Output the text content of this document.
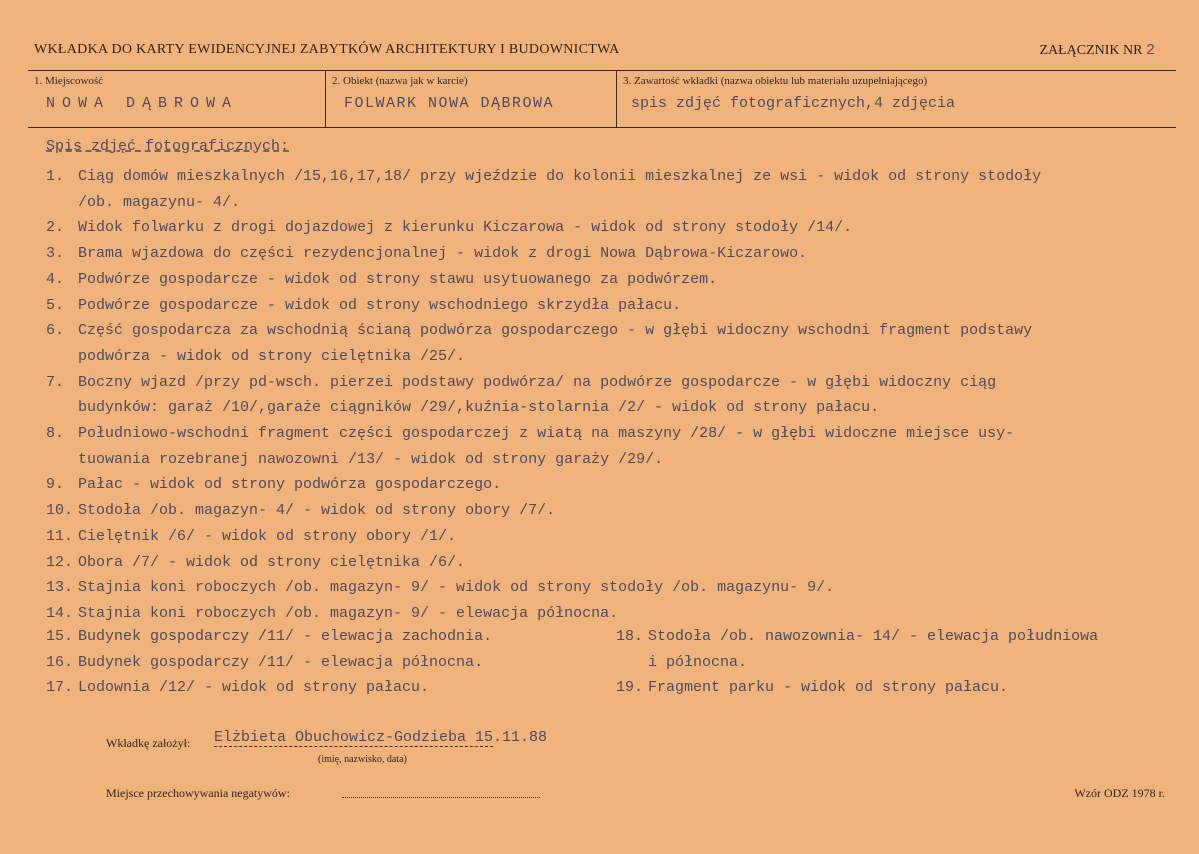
WKŁADKA DO KARTY EWIDENCYJNEJ ZABYTKÓW ARCHITEKTURY I BUDOWNICTWA	ZAŁĄCZNIK NR 2
1. Miejscowość
NOWA DĄBROWA
2. Obiekt (nazwa jak w karcie)
FOLWARK NOWA DĄBROWA
3. Zawartość wkładki (nazwa obiektu lub materiału uzupełniającego)
spis zdjęć fotograficznych,4 zdjęcia
Spis zdjęć fotograficznych:
1. Ciąg domów mieszkalnych /15,16,17,18/ przy wjeździe do kolonii mieszkalnej ze wsi - widok od strony stodoły
/ob. magazynu- 4/.
2. Widok folwarku z drogi dojazdowej z kierunku Kiczarowa - widok od strony stodoły /14/.
3. Brama wjazdowa do części rezydencjonalnej - widok z drogi Nowa Dąbrowa-Kiczarowo.
4. Podwórze gospodarcze - widok od strony stawu usytuowanego za podwórzem.
5. Podwórze gospodarcze - widok od strony wschodniego skrzydła pałacu.
6. Część gospodarcza za wschodnią ścianą podwórza gospodarczego - w głębi widoczny wschodni fragment podstawy
podwórza - widok od strony cielętnika /25/.
7. Boczny wjazd /przy pd-wsch. pierzei podstawy podwórza/ na podwórze gospodarcze - w głębi widoczny ciąg
budynków: garaż /10/,garaże ciągników /29/,kuźnia-stolarnia /2/ - widok od strony pałacu.
8. Południowo-wschodni fragment części gospodarczej z wiatą na maszyny /28/ - w głębi widoczne miejsce usy-
tuowania rozebranej nawozowni /13/ - widok od strony garaży /29/.
9. Pałac - widok od strony podwórza gospodarczego.
10. Stodoła /ob. magazyn- 4/ - widok od strony obory /7/.
11. Cielętnik /6/ - widok od strony obory /1/.
12. Obora /7/ - widok od strony cielętnika /6/.
13. Stajnia koni roboczych /ob. magazyn- 9/ - widok od strony stodoły /ob. magazynu- 9/.
14. Stajnia koni roboczych /ob. magazyn- 9/ - elewacja północna.
15. Budynek gospodarczy /11/ - elewacja zachodnia.
16. Budynek gospodarczy /11/ - elewacja północna.
17. Lodownia /12/ - widok od strony pałacu.
18. Stodoła /ob. nawozownia- 14/ - elewacja południowa
i północna.
19. Fragment parku - widok od strony pałacu.
Wkładkę założył: Elżbieta Obuchowicz-Godzieba 15.11.88
(imię, nazwisko, data)
Miejsce przechowywania negatywów:	Wzór ODZ 1978 r.
